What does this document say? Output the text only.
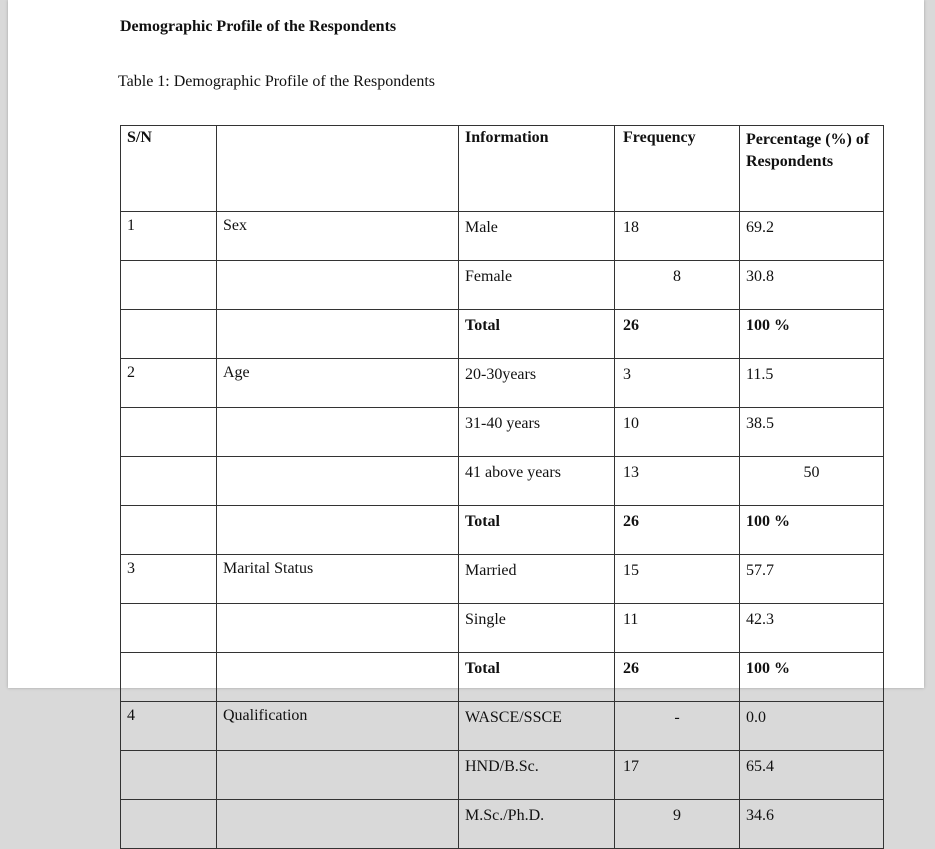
Demographic Profile of the Respondents
Table 1: Demographic Profile of the Respondents
S/N		Information	Frequency	Percentage (%) of Respondents
1	Sex	Male	18	69.2
		Female	8	30.8
		Total	26	100 %
2	Age	20-30years	3	11.5
		31-40 years	10	38.5
		41 above years	13	50
		Total	26	100 %
3	Marital Status	Married	15	57.7
		Single	11	42.3
		Total	26	100 %
4	Qualification	WASCE/SSCE	-	0.0
		HND/B.Sc.	17	65.4
		M.Sc./Ph.D.	9	34.6
